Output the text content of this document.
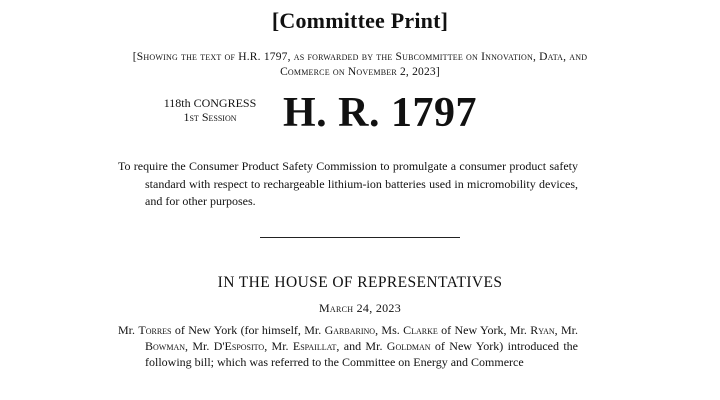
[Committee Print]
[Showing the text of H.R. 1797, as forwarded by the Subcommittee on Innovation, Data, and Commerce on November 2, 2023]
118th CONGRESS
1st Session	H. R. 1797
To require the Consumer Product Safety Commission to promulgate a consumer product safety standard with respect to rechargeable lithium-ion batteries used in micromobility devices, and for other purposes.
IN THE HOUSE OF REPRESENTATIVES
March 24, 2023
Mr. Torres of New York (for himself, Mr. Garbarino, Ms. Clarke of New York, Mr. Ryan, Mr. Bowman, Mr. D'Esposito, Mr. Espaillat, and Mr. Goldman of New York) introduced the following bill; which was referred to the Committee on Energy and Commerce
